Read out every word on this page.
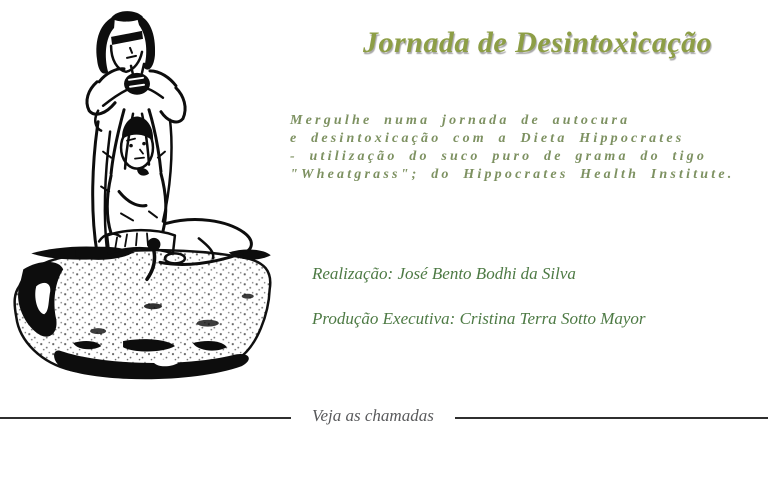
Jornada de Desintoxicação
Mergulhe numa jornada de autocura
e desintoxicação com a Dieta Hippocrates
- utilização do suco puro de grama do tigo
"Wheatgrass"; do Hippocrates Health Institute.
Realização: José Bento Bodhi da Silva
Produção Executiva: Cristina Terra Sotto Mayor
Veja as chamadas
